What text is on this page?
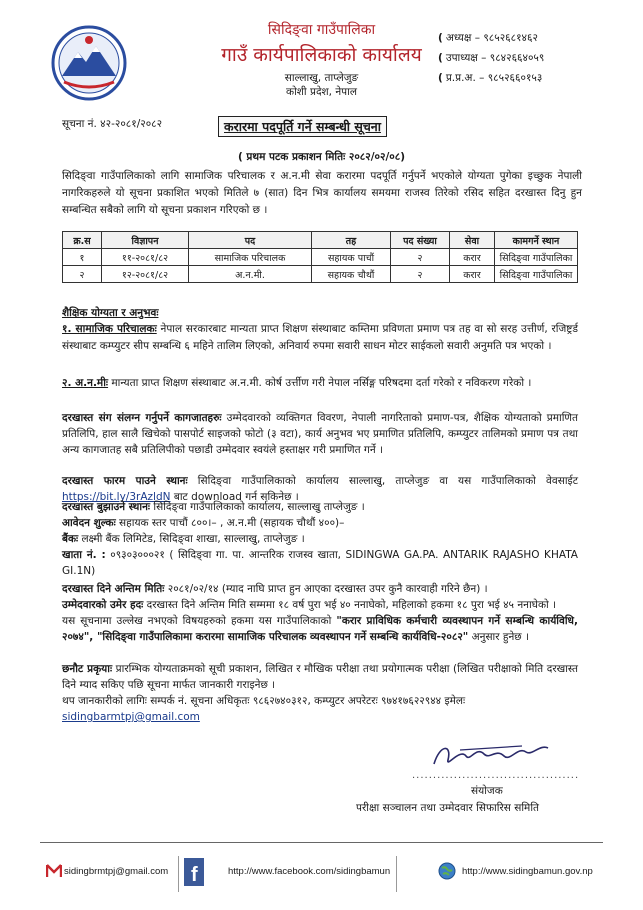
सिदिङ्वा गाउँपालिका
गाउँ कार्यपालिकाको कार्यालय
साल्लाखु, ताप्लेजुङ
कोशी प्रदेश, नेपाल
( अध्यक्ष – ९८५२६८१४६२
( उपाध्यक्ष – ९८४२६६४०५९
( प्र.प्र.अ. – ९८५२६६०१५३
सूचना नं. ४२-२०८१/२०८२	करारमा पदपूर्ति गर्ने सम्बन्धी सूचना
( प्रथम पटक प्रकाशन मितिः २०८२/०२/०८)
सिदिङ्वा गाउँपालिकाको लागि सामाजिक परिचालक र अ.न.मी सेवा करारमा पदपूर्ति गर्नुपर्ने भएकोले योग्यता पुगेका इच्छुक नेपाली नागरिकहरुले यो सूचना प्रकाशित भएको मितिले ७ (सात) दिन भित्र कार्यालय समयमा राजस्व तिरेको रसिद सहित दरखास्त दिनु हुन सम्बन्धित सबैको लागि यो सूचना प्रकाशन गरिएको छ ।
क्र.स	विज्ञापन	पद	तह	पद संख्या	सेवा	कामगर्ने स्थान
१	११-२०८१/८२	सामाजिक परिचालक	सहायक पाचौं	२	करार	सिदिङ्वा गाउँपालिका
२	१२-२०८१/८२	अ.न.मी.	सहायक चौथौं	२	करार	सिदिङ्वा गाउँपालिका
शैक्षिक योग्यता र अनुभवः
१. सामाजिक परिचालकः नेपाल सरकारबाट मान्यता प्राप्त शिक्षण संस्थाबाट कम्तिमा प्रविणता प्रमाण पत्र तह वा सो सरह उत्तीर्ण, रजिष्ट्रर्ड संस्थाबाट कम्प्युटर सीप सम्बन्धि ६ महिने तालिम लिएको, अनिवार्य रुपमा सवारी साधन मोटर साईकलो सवारी अनुमति पत्र भएको ।
२. अ.न.मीः मान्यता प्राप्त शिक्षण संस्थाबाट अ.न.मी. कोर्ष उर्त्तीण गरी नेपाल नर्सिङ्ग परिषदमा दर्ता गरेको र नविकरण गरेको ।
दरखास्त संग संलग्न गर्नुपर्ने कागजातहरुः उम्मेदवारको व्यक्तिगत विवरण, नेपाली नागरिताको प्रमाण-पत्र, शैक्षिक योग्यताको प्रमाणित प्रतिलिपि, हाल सालै खिचेको पासपोर्ट साइजको फोटो (३ वटा), कार्य अनुभव भए प्रमाणित प्रतिलिपि, कम्प्युटर तालिमको प्रमाण पत्र तथा अन्य कागजातह सबै प्रतिलिपीको पछाडी उम्मेदवार स्वयंले हस्ताक्षर गरी प्रमाणित गर्ने ।
दरखास्त फारम पाउने स्थानः सिदिङ्वा गाउँपालिकाको कार्यालय साल्लाखु, ताप्लेजुङ वा यस गाउँपालिकाको वेवसाईट https://bit.ly/3rAzldN बाट download गर्न सकिनेछ ।
दरखास्त बुझाउने स्थानः सिदिङ्वा गाउँपालिकाको कार्यालय, साल्लाखु ताप्लेजुङ ।
आवेदन शुल्कः सहायक स्तर पाचौं ८००।– , अ.न.मी (सहायक चौथौं ४००)–
बैंकः लक्ष्मी बैंक लिमिटेड, सिदिङ्वा शाखा, साल्लाखु, ताप्लेजुङ ।
खाता नं. : ०९३०३०००२१ ( सिदिङ्वा गा. पा. आन्तरिक राजस्व खाता, SIDINGWA GA.PA. ANTARIK RAJASHO KHATA GI.1N)
दरखास्त दिने अन्तिम मितिः २०८१/०२/१४ (म्याद नाघि प्राप्त हुन आएका दरखास्त उपर कुनै कारवाही गरिने छैन) ।
उम्मेदवारको उमेर हदः दरखास्त दिने अन्तिम मिति सम्ममा १८ वर्ष पुरा भई ४० ननाघेको, महिलाको हकमा १८ पुरा भई ४५ ननाघेको ।
यस सूचनामा उल्लेख नभएको विषयहरुको हकमा यस गाउँपालिकाको "करार प्राविधिक कर्मचारी व्यवस्थापन गर्ने सम्बन्धि कार्यविधि, २०७४", "सिदिङ्वा गाउँपालिकामा करारमा सामाजिक परिचालक व्यवस्थापन गर्ने सम्बन्धि कार्यविधि-२०८२" अनुसार हुनेछ ।
छनौट प्रकृयाः प्रारम्भिक योग्यताक्रमको सूची प्रकाशन, लिखित र मौखिक परीक्षा तथा प्रयोगात्मक परीक्षा (लिखित परीक्षाको मिति दरखास्त दिने म्याद सकिए पछि सूचना मार्फत जानकारी गराइनेछ ।
थप जानकारीको लागिः सम्पर्क नं. सूचना अधिकृतः ९८६२७४०३१२, कम्प्युटर अपरेटरः ९७४१७६२२९४४ इमेलः
sidingbarmtpj@gmail.com
........................................
संयोजक
परीक्षा सञ्चालन तथा उम्मेदवार सिफारिस समिति
sidingbrmtpj@gmail.com f	http://www.facebook.com/sidingbamun	http://www.sidingbamun.gov.np
